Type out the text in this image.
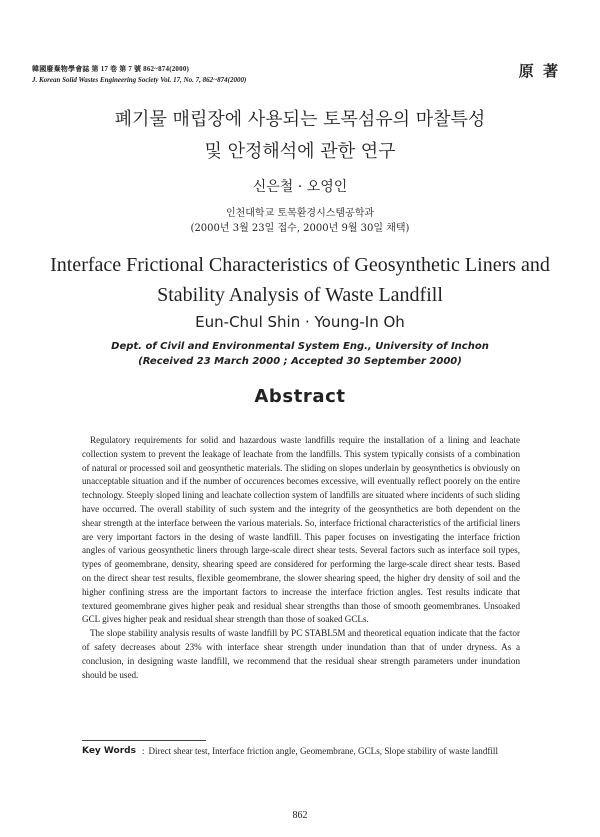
韓國廢棄物學會誌 第 17 卷 第 7 號 862~874(2000)
J. Korean Solid Wastes Engineering Society Vol. 17, No. 7, 862~874(2000)	原 著
폐기물 매립장에 사용되는 토목섬유의 마찰특성
및 안정해석에 관한 연구
신은철 · 오영인
인천대학교 토목환경시스템공학과
(2000년 3월 23일 접수, 2000년 9월 30일 채택)
Interface Frictional Characteristics of Geosynthetic Liners and
Stability Analysis of Waste Landfill
Eun-Chul Shin · Young-In Oh
Dept. of Civil and Environmental System Eng., University of Inchon
(Received 23 March 2000 ; Accepted 30 September 2000)
Abstract

Regulatory requirements for solid and hazardous waste landfills require the installation of a lining and leachate collection system to prevent the leakage of leachate from the landfills. This system typically consists of a combination of natural or processed soil and geosynthetic materials. The sliding on slopes underlain by geosynthetics is obviously on unacceptable situation and if the number of occurences becomes excessive, will eventually reflect poorely on the entire technology. Steeply sloped lining and leachate collection system of landfills are situated where incidents of such sliding have occurred. The overall stability of such system and the integrity of the geosynthetics are both dependent on the shear strength at the interface between the various materials. So, interface frictional characteristics of the artificial liners are very important factors in the desing of waste landfill. This paper focuses on investigating the interface friction angles of various geosynthetic liners through large-scale direct shear tests. Several factors such as interface soil types, types of geomembrane, density, shearing speed are considered for performing the large-scale direct shear tests. Based on the direct shear test results, flexible geomembrane, the slower shearing speed, the higher dry density of soil and the higher confining stress are the important factors to increase the interface friction angles. Test results indicate that textured geomembrane gives higher peak and residual shear strengths than those of smooth geomembranes. Unsoaked GCL gives higher peak and residual shear strength than those of soaked GCLs.

The slope stability analysis results of waste landfill by PC STABL5M and theoretical equation indicate that the factor of safety decreases about 23% with interface shear strength under inundation than that of under dryness. As a conclusion, in designing waste landfill, we recommend that the residual shear strength parameters under inundation should be used.

Key Words : Direct shear test, Interface friction angle, Geomembrane, GCLs, Slope stability of waste landfill
862
